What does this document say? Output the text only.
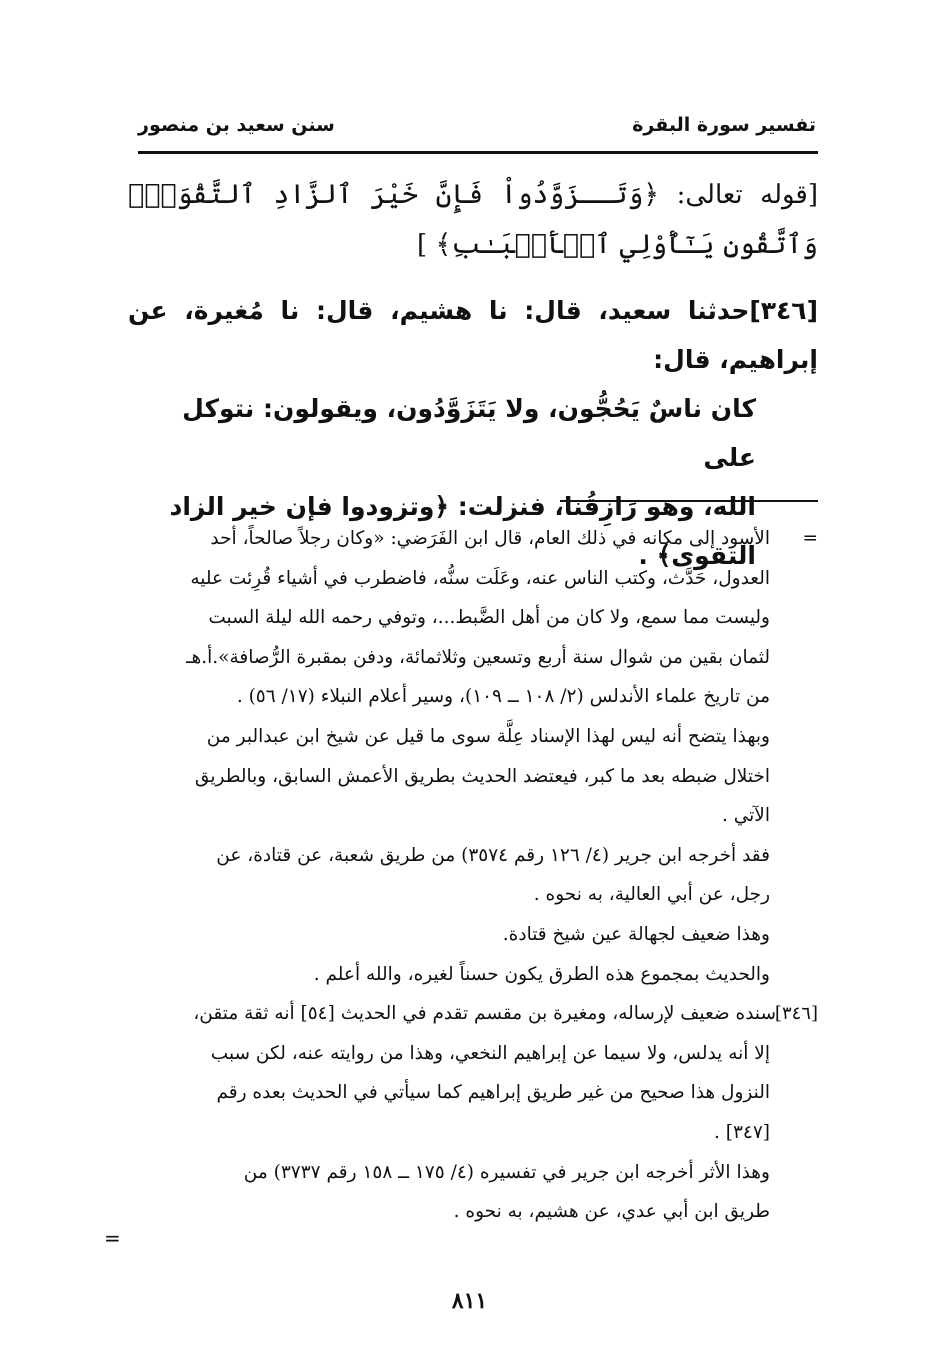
تفسير سورة البقرة
سنن سعيد بن منصور
[قوله تعالى: ﴿وَتَــزَوَّدُواْ فَإِنَّ خَيْرَ ٱلزَّادِ ٱلتَّقْوَىٰۚ وَٱتَّقُونِ يَـٰٓأُوْلِي ٱلۡأَلۡبَـٰبِ﴾ ]
[٣٤٦]حدثنا سعيد، قال: نا هشيم، قال: نا مُغيرة، عن إبراهيم، قال:
كان ناسٌ يَحُجُّون، ولا يَتَزَوَّدُون، ويقولون: نتوكل على
الله، وهو رَازِقُنا، فنزلت: ﴿وتزودوا فإن خير الزاد
التقوى﴾ .
=
الأسود إلى مكانه في ذلك العام، قال ابن الفَرَضي: «وكان رجلاً صالحاً، أحد
العدول، حَدَّث، وكتب الناس عنه، وعَلَت سنُّه، فاضطرب في أشياء قُرِئت عليه
وليست مما سمع، ولا كان من أهل الضَّبط...، وتوفي رحمه الله ليلة السبت
لثمان بقين من شوال سنة أربع وتسعين وثلاثمائة، ودفن بمقبرة الرُّصافة».أ.هـ
من تاريخ علماء الأندلس (٢/ ١٠٨ ــ ١٠٩)، وسير أعلام النبلاء (١٧/ ٥٦) .
وبهذا يتضح أنه ليس لهذا الإسناد عِلَّة سوى ما قيل عن شيخ ابن عبدالبر من
اختلال ضبطه بعد ما كبر، فيعتضد الحديث بطريق الأعمش السابق، وبالطريق
الآتي .
فقد أخرجه ابن جرير (٤/ ١٢٦ رقم ٣٥٧٤) من طريق شعبة، عن قتادة، عن
رجل، عن أبي العالية، به نحوه .
وهذا ضعيف لجهالة عين شيخ قتادة.
والحديث بمجموع هذه الطرق يكون حسناً لغيره، والله أعلم .
[٣٤٦]
سنده ضعيف لإرساله، ومغيرة بن مقسم تقدم في الحديث [٥٤] أنه ثقة متقن،
إلا أنه يدلس، ولا سيما عن إبراهيم النخعي، وهذا من روايته عنه، لكن سبب
النزول هذا صحيح من غير طريق إبراهيم كما سيأتي في الحديث بعده رقم
[٣٤٧] .
وهذا الأثر أخرجه ابن جرير في تفسيره (٤/ ١٧٥ ــ ١٥٨ رقم ٣٧٣٧) من
طريق ابن أبي عدي، عن هشيم، به نحوه .
=
٨١١
